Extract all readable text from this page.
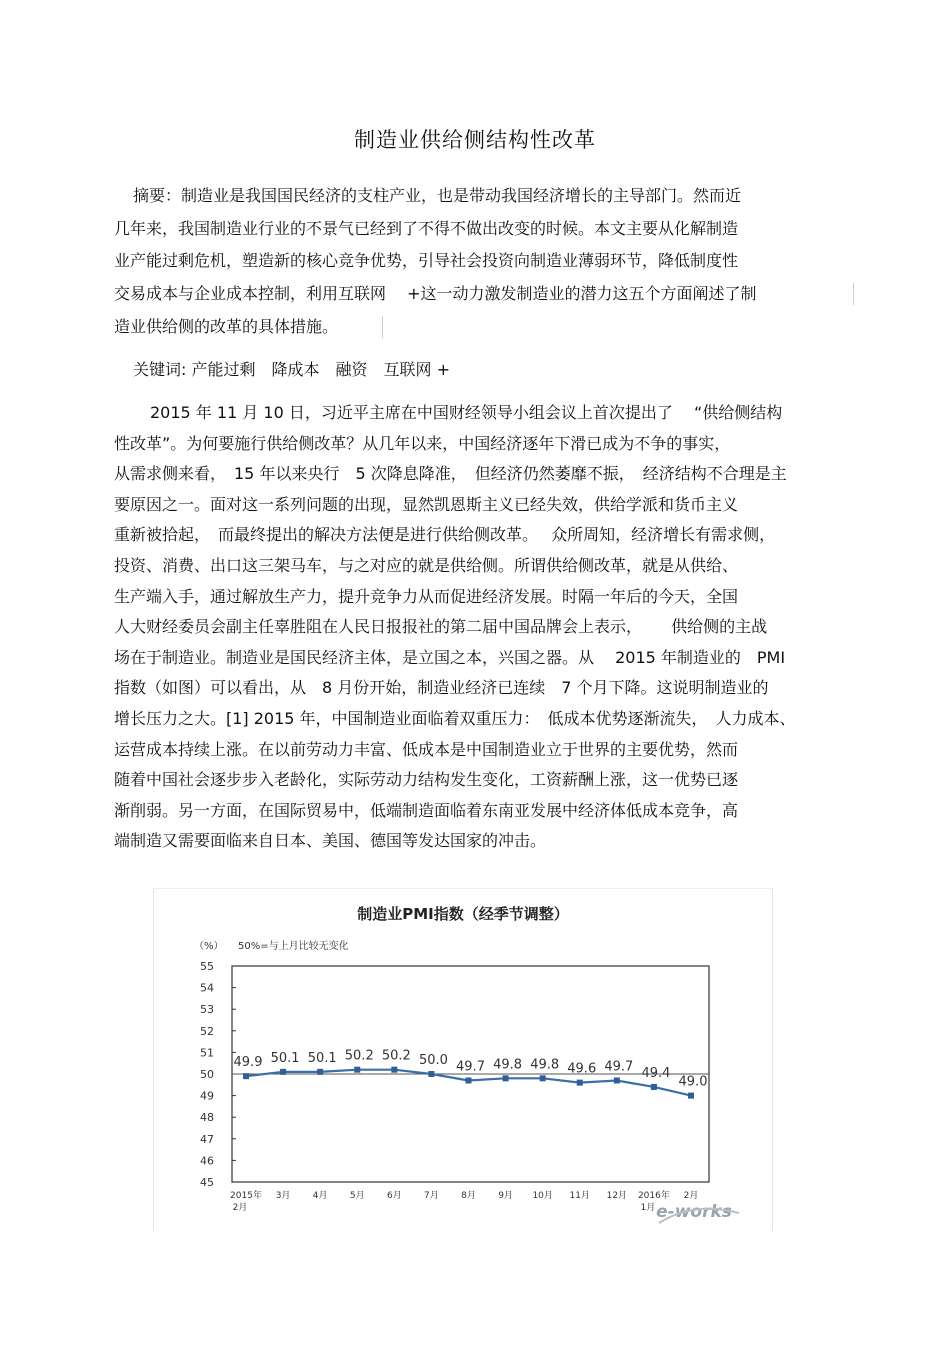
制造业供给侧结构性改革
摘要：制造业是我国国民经济的支柱产业，也是带动我国经济增长的主导部门。然而近
几年来，我国制造业行业的不景气已经到了不得不做出改变的时候。本文主要从化解制造
业产能过剩危机，塑造新的核心竞争优势，引导社会投资向制造业薄弱环节，降低制度性
交易成本与企业成本控制，利用互联网　 +这一动力激发制造业的潜力这五个方面阐述了制
造业供给侧的改革的具体措施。
关键词: 产能过剩　降成本　融资　互联网 +
2015 年 11 月 10 日，习近平主席在中国财经领导小组会议上首次提出了　 “供给侧结构
性改革”。为何要施行供给侧改革？从几年以来，中国经济逐年下滑已成为不争的事实，
从需求侧来看，　15 年以来央行　5 次降息降准，　但经济仍然萎靡不振，　经济结构不合理是主
要原因之一。面对这一系列问题的出现，显然凯恩斯主义已经失效，供给学派和货币主义
重新被拾起，　而最终提出的解决方法便是进行供给侧改革。　 众所周知，经济增长有需求侧，
投资、消费、出口这三架马车，与之对应的就是供给侧。所谓供给侧改革，就是从供给、
生产端入手，通过解放生产力，提升竞争力从而促进经济发展。时隔一年后的今天，全国
人大财经委员会副主任辜胜阻在人民日报报社的第二届中国品牌会上表示，　　 供给侧的主战
场在于制造业。制造业是国民经济主体，是立国之本，兴国之器。从　 2015 年制造业的　PMI
指数（如图）可以看出，从　8 月份开始，制造业经济已连续　7 个月下降。这说明制造业的
增长压力之大。[1] 2015 年，中国制造业面临着双重压力：　低成本优势逐渐流失，　人力成本、
运营成本持续上涨。在以前劳动力丰富、低成本是中国制造业立于世界的主要优势，然而
随着中国社会逐步步入老龄化，实际劳动力结构发生变化，工资薪酬上涨，这一优势已逐
渐削弱。另一方面，在国际贸易中，低端制造面临着东南亚发展中经济体低成本竞争，高
端制造又需要面临来自日本、美国、德国等发达国家的冲击。
制造业PMI指数（经季节调整）
（%） 50%=与上月比较无变化
55
54
53
52
51
50
49
48
47
46
45
49.9 50.1 50.1 50.2 50.2 50.0 49.7 49.8 49.8 49.6 49.7 49.4
49.0
2015年 2月
3月 4月 5月 6月 7月 8月 9月 10月 11月 12月 2016年 1月
2月
e-works
